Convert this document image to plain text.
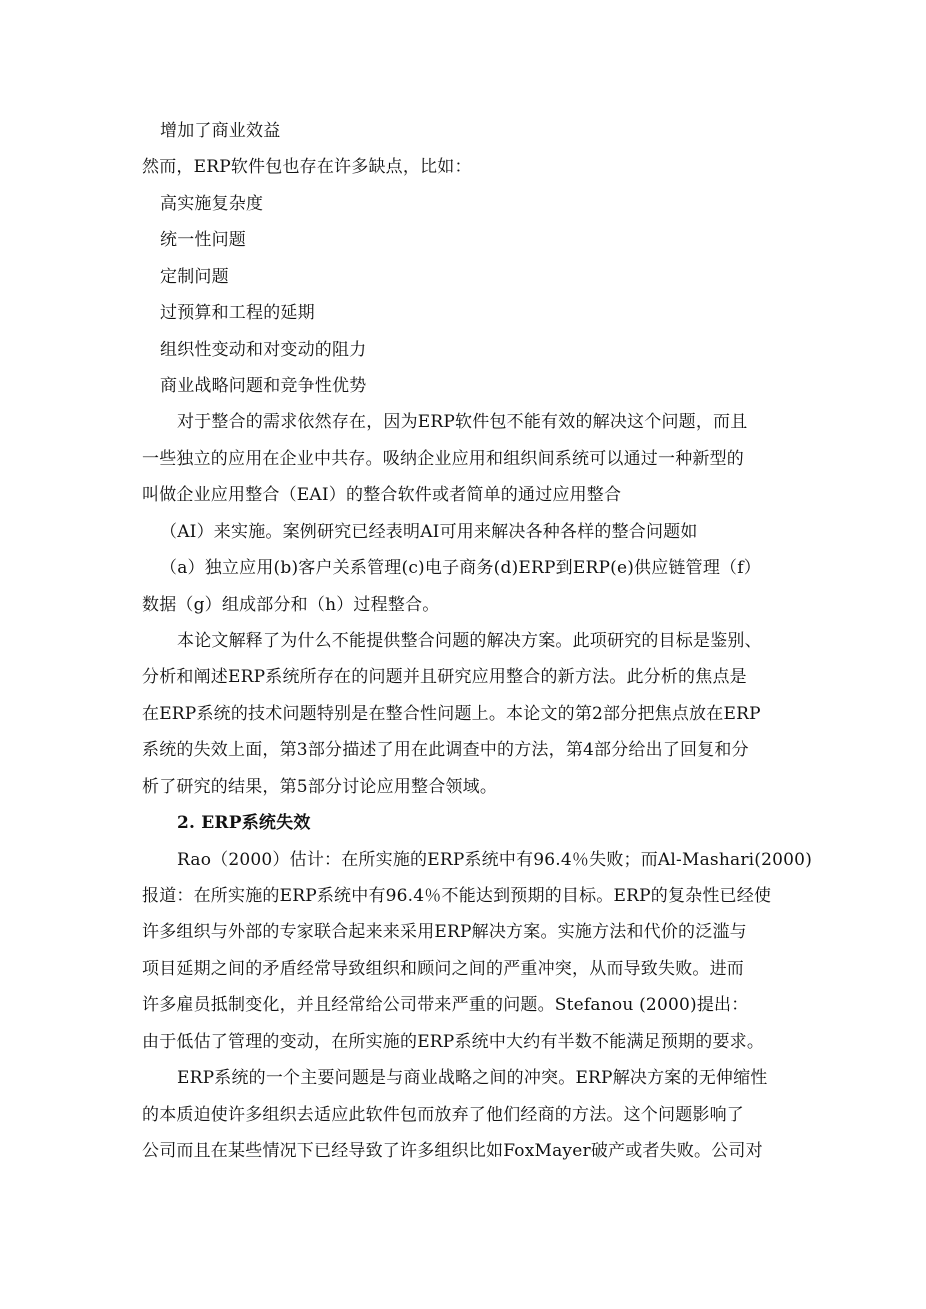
增加了商业效益
然而，ERP软件包也存在许多缺点，比如：
高实施复杂度
统一性问题
定制问题
过预算和工程的延期
组织性变动和对变动的阻力
商业战略问题和竞争性优势
对于整合的需求依然存在，因为ERP软件包不能有效的解决这个问题，而且
一些独立的应用在企业中共存。吸纳企业应用和组织间系统可以通过一种新型的
叫做企业应用整合（EAI）的整合软件或者简单的通过应用整合
（AI）来实施。案例研究已经表明AI可用来解决各种各样的整合问题如
（a）独立应用(b)客户关系管理(c)电子商务(d)ERP到ERP(e)供应链管理（f）
数据（g）组成部分和（h）过程整合。
本论文解释了为什么不能提供整合问题的解决方案。此项研究的目标是鉴别、
分析和阐述ERP系统所存在的问题并且研究应用整合的新方法。此分析的焦点是
在ERP系统的技术问题特别是在整合性问题上。本论文的第2部分把焦点放在ERP
系统的失效上面，第3部分描述了用在此调查中的方法，第4部分给出了回复和分
析了研究的结果，第5部分讨论应用整合领域。
2. ERP系统失效
Rao（2000）估计：在所实施的ERP系统中有96.4％失败；而Al-Mashari(2000)
报道：在所实施的ERP系统中有96.4％不能达到预期的目标。ERP的复杂性已经使
许多组织与外部的专家联合起来来采用ERP解决方案。实施方法和代价的泛滥与
项目延期之间的矛盾经常导致组织和顾问之间的严重冲突，从而导致失败。进而
许多雇员抵制变化，并且经常给公司带来严重的问题。Stefanou (2000)提出：
由于低估了管理的变动，在所实施的ERP系统中大约有半数不能满足预期的要求。
ERP系统的一个主要问题是与商业战略之间的冲突。ERP解决方案的无伸缩性
的本质迫使许多组织去适应此软件包而放弃了他们经商的方法。这个问题影响了
公司而且在某些情况下已经导致了许多组织比如FoxMayer破产或者失败。公司对
